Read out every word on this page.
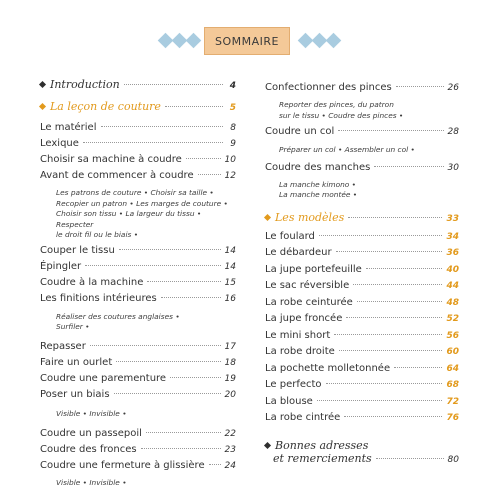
SOMMAIRE
Introduction	4
La leçon de couture	5
Le matériel	8
Lexique	9
Choisir sa machine à coudre	10
Avant de commencer à coudre	12
Les patrons de couture • Choisir sa taille •
Recopier un patron • Les marges de couture •
Choisir son tissu • La largeur du tissu • Respecter
le droit fil ou le biais •
Couper le tissu	14
Épingler	14
Coudre à la machine	15
Les finitions intérieures	16
Réaliser des coutures anglaises •
Surfiler •
Repasser	17
Faire un ourlet	18
Coudre une parementure	19
Poser un biais	20
Visible • Invisible •
Coudre un passepoil	22
Coudre des fronces	23
Coudre une fermeture à glissière 24
Visible • Invisible •
Confectionner des pinces	26
Reporter des pinces, du patron
sur le tissu • Coudre des pinces •
Coudre un col	28
Préparer un col • Assembler un col •
Coudre des manches	30
La manche kimono •
La manche montée •
Les modèles	33
Le foulard	34
Le débardeur	36
La jupe portefeuille	40
Le sac réversible	44
La robe ceinturée	48
La jupe froncée	52
Le mini short	56
La robe droite	60
La pochette molletonnée	64
Le perfecto	68
La blouse	72
La robe cintrée	76
Bonnes adresses
et remerciements	80
